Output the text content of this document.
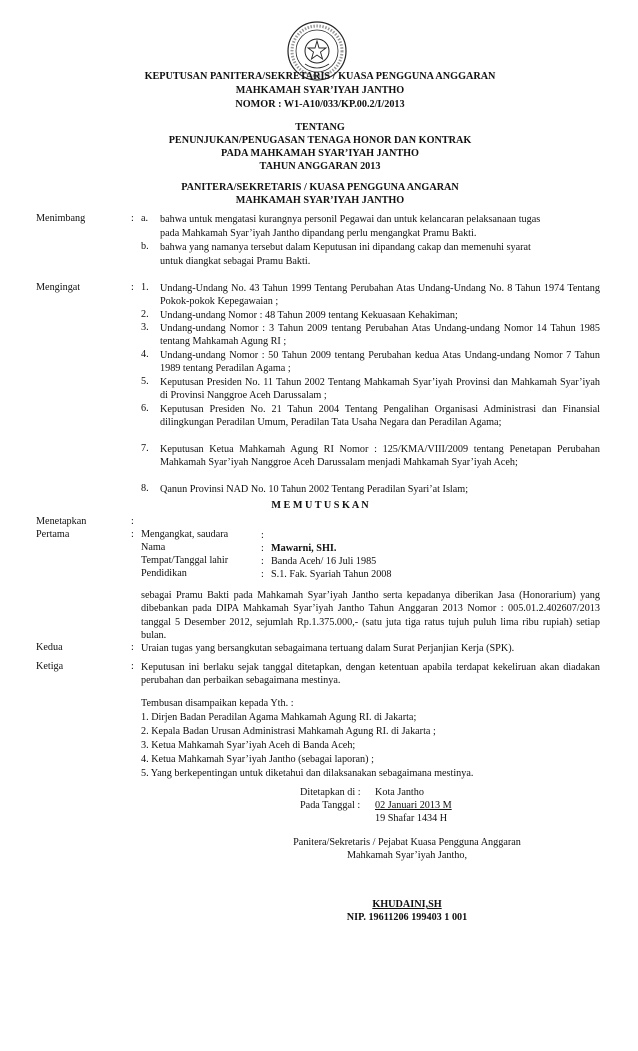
KEPUTUSAN PANITERA/SEKRETARIS / KUASA PENGGUNA ANGGARAN
MAHKAMAH SYAR’IYAH JANTHO
NOMOR : W1-A10/033/KP.00.2/I/2013
TENTANG
PENUNJUKAN/PENUGASAN TENAGA HONOR DAN KONTRAK
PADA MAHKAMAH SYAR’IYAH JANTHO
TAHUN ANGGARAN 2013
PANITERA/SEKRETARIS / KUASA PENGGUNA ANGARAN
MAHKAMAH SYAR’IYAH JANTHO
Menimbang	: a. bahwa untuk mengatasi kurangnya personil Pegawai dan untuk kelancaran pelaksanaan tugas
pada Mahkamah Syar’iyah Jantho dipandang perlu mengangkat Pramu Bakti.
b. bahwa yang namanya tersebut dalam Keputusan ini dipandang cakap dan memenuhi syarat
untuk diangkat sebagai Pramu Bakti.
Mengingat	: 1. Undang-Undang No. 43 Tahun 1999 Tentang Perubahan Atas Undang-Undang No. 8 Tahun 1974 Tentang Pokok-pokok Kepegawaian ;
2. Undang-undang Nomor : 48 Tahun 2009 tentang Kekuasaan Kehakiman;
3. Undang-undang Nomor : 3 Tahun 2009 tentang Perubahan Atas Undang-undang Nomor 14 Tahun 1985 tentang Mahkamah Agung RI ;
4. Undang-undang Nomor : 50 Tahun 2009 tentang Perubahan kedua Atas Undang-undang Nomor 7 Tahun 1989 tentang Peradilan Agama ;
5. Keputusan Presiden No. 11 Tahun 2002 Tentang Mahkamah Syar’iyah Provinsi dan Mahkamah Syar’iyah di Provinsi Nanggroe Aceh Darussalam ;
6. Keputusan Presiden No. 21 Tahun 2004 Tentang Pengalihan Organisasi Administrasi dan Finansial dilingkungan Peradilan Umum, Peradilan Tata Usaha Negara dan Peradilan Agama;
7. Keputusan Ketua Mahkamah Agung RI Nomor : 125/KMA/VIII/2009 tentang Penetapan Perubahan Mahkamah Syar’iyah Nanggroe Aceh Darussalam menjadi Mahkamah Syar’iyah Aceh;
8. Qanun Provinsi NAD No. 10 Tahun 2002 Tentang Peradilan Syari’at Islam;
M E M U T U S K A N
Menetapkan	:
Pertama	: Mengangkat, saudara	:
Nama	: Mawarni, SHI.
Tempat/Tanggal lahir	: Banda Aceh/ 16 Juli 1985
Pendidikan	: S.1. Fak. Syariah Tahun 2008
sebagai Pramu Bakti pada Mahkamah Syar’iyah Jantho serta kepadanya diberikan Jasa (Honorarium) yang dibebankan pada DIPA Mahkamah Syar’iyah Jantho Tahun Anggaran 2013 Nomor : 005.01.2.402607/2013 tanggal 5 Desember 2012, sejumlah Rp.1.375.000,- (satu juta tiga ratus tujuh puluh lima ribu rupiah) setiap bulan.
Kedua	: Uraian tugas yang bersangkutan sebagaimana tertuang dalam Surat Perjanjian Kerja (SPK).
Ketiga	: Keputusan ini berlaku sejak tanggal ditetapkan, dengan ketentuan apabila terdapat kekeliruan akan diadakan perubahan dan perbaikan sebagaimana mestinya.
Tembusan disampaikan kepada Yth. :
1. Dirjen Badan Peradilan Agama Mahkamah Agung RI. di Jakarta;
2. Kepala Badan Urusan Administrasi Mahkamah Agung RI. di Jakarta ;
3. Ketua Mahkamah Syar’iyah Aceh di Banda Aceh;
4. Ketua Mahkamah Syar’iyah Jantho (sebagai laporan) ;
5. Yang berkepentingan untuk diketahui dan dilaksanakan sebagaimana mestinya.
Ditetapkan di : Kota Jantho
Pada Tanggal : 02 Januari 2013 M
19 Shafar 1434 H
Panitera/Sekretaris / Pejabat Kuasa Pengguna Anggaran
Mahkamah Syar’iyah Jantho,
KHUDAINI,SH
NIP. 19611206 199403 1 001
